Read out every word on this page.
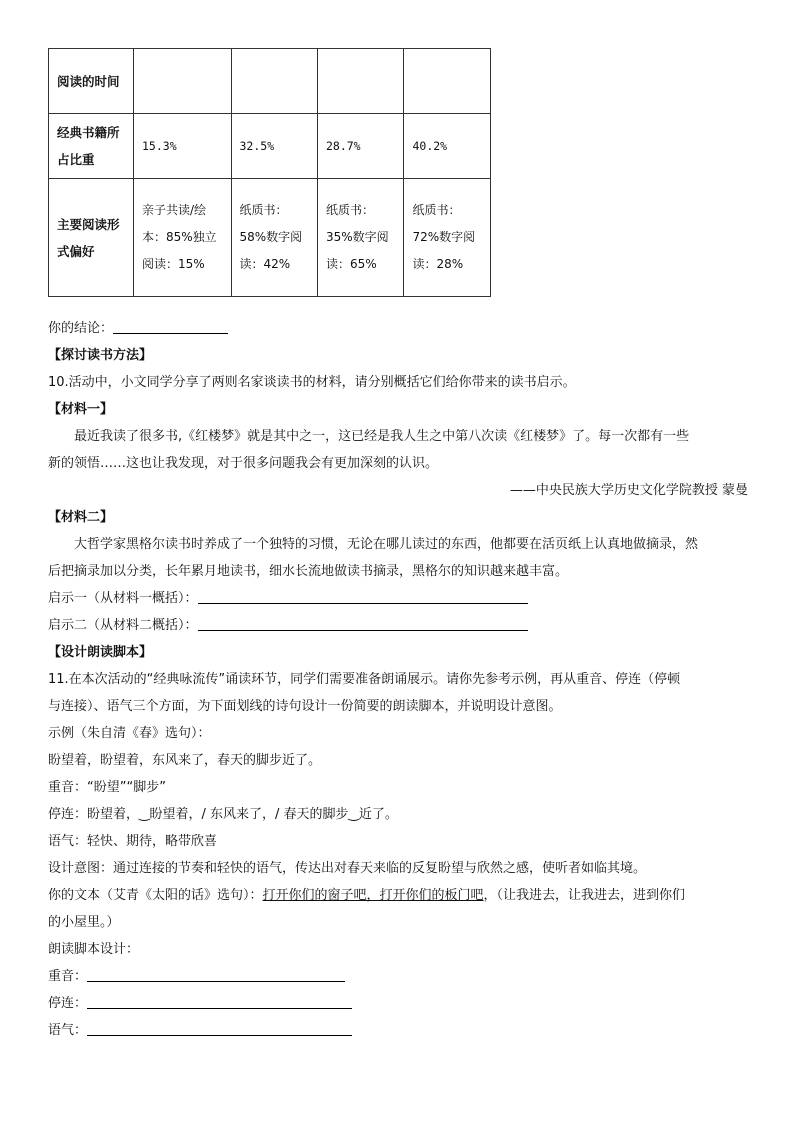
阅读的时间				
经典书籍所占比重	15.3%	32.5%	28.7%	40.2%
主要阅读形式偏好	亲子共读/绘本：85%独立阅读：15%	纸质书：58%数字阅读：42%	纸质书：35%数字阅读：65%	纸质书：72%数字阅读：28%
你的结论：
【探讨读书方法】
10.活动中，小文同学分享了两则名家谈读书的材料，请分别概括它们给你带来的读书启示。
【材料一】
最近我读了很多书,《红楼梦》就是其中之一，这已经是我人生之中第八次读《红楼梦》了。每一次都有一些
新的领悟……这也让我发现，对于很多问题我会有更加深刻的认识。
——中央民族大学历史文化学院教授 蒙曼
【材料二】
大哲学家黑格尔读书时养成了一个独特的习惯，无论在哪儿读过的东西，他都要在活页纸上认真地做摘录，然
后把摘录加以分类，长年累月地读书，细水长流地做读书摘录，黑格尔的知识越来越丰富。
启示一（从材料一概括）：
启示二（从材料二概括）：
【设计朗读脚本】
11.在本次活动的“经典咏流传”诵读环节，同学们需要准备朗诵展示。请你先参考示例，再从重音、停连（停顿
与连接）、语气三个方面，为下面划线的诗句设计一份简要的朗读脚本，并说明设计意图。
示例（朱自清《春》选句）：
盼望着，盼望着，东风来了，春天的脚步近了。
重音：“盼望”“脚步”
停连：盼望着，‿盼望着，/ 东风来了，/ 春天的脚步‿近了。
语气：轻快、期待，略带欣喜
设计意图：通过连接的节奏和轻快的语气，传达出对春天来临的反复盼望与欣然之感，使听者如临其境。
你的文本（艾青《太阳的话》选句）：打开你们的窗子吧，打开你们的板门吧，（让我进去，让我进去，进到你们
的小屋里。）
朗读脚本设计：
重音：
停连：
语气：
